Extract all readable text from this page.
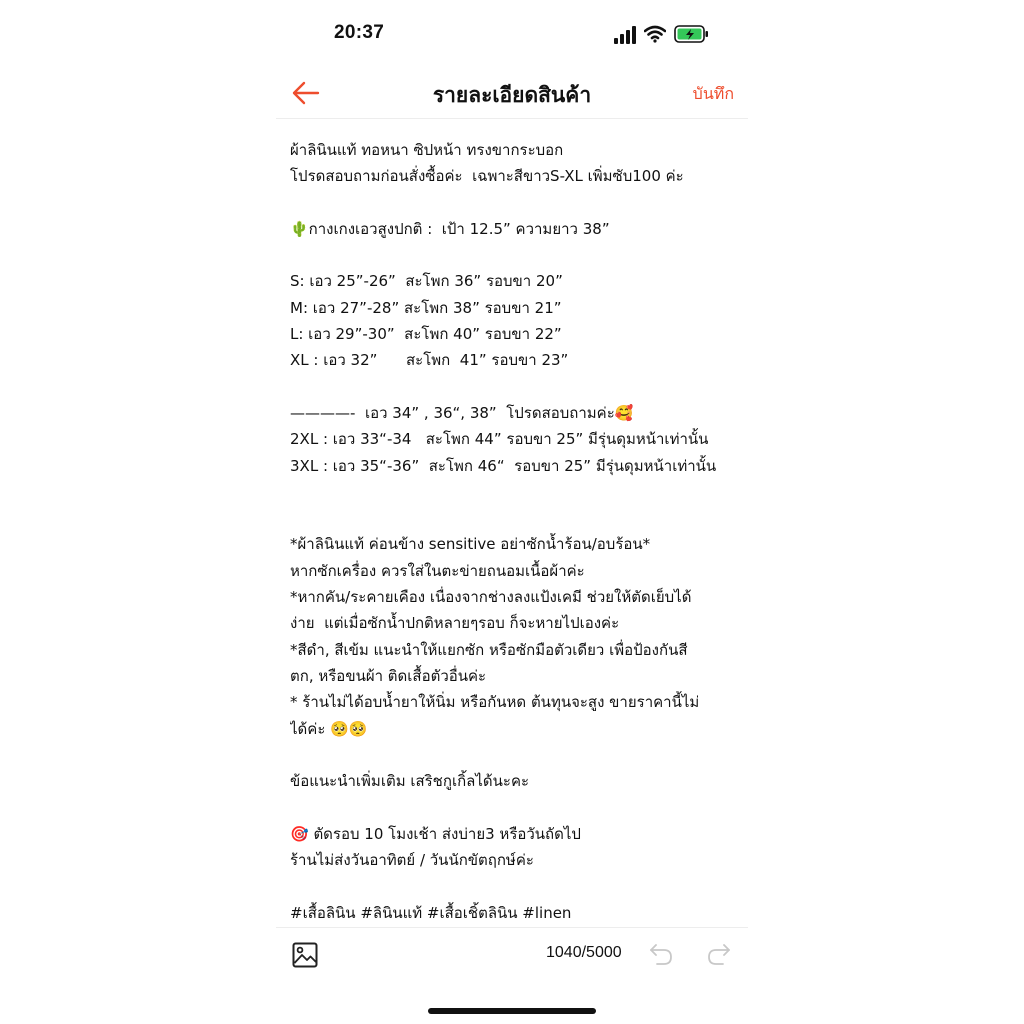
20:37
รายละเอียดสินค้า	บันทึก
ผ้าลินินแท้ ทอหนา ซิปหน้า ทรงขากระบอก
โปรดสอบถามก่อนสั่งซื้อค่ะ  เฉพาะสีขาวS-XL เพิ่มซับ100 ค่ะ
🌵กางเกงเอวสูงปกติ :  เป้า 12.5” ความยาว 38”
S: เอว 25”-26”  สะโพก 36” รอบขา 20”
M: เอว 27”-28” สะโพก 38” รอบขา 21”
L: เอว 29”-30”  สะโพก 40” รอบขา 22”
XL : เอว 32”      สะโพก  41” รอบขา 23”
————-  เอว 34” , 36“, 38”  โปรดสอบถามค่ะ🥰
2XL : เอว 33“-34   สะโพก 44” รอบขา 25” มีรุ่นดุมหน้าเท่านั้น
3XL : เอว 35“-36”  สะโพก 46“  รอบขา 25” มีรุ่นดุมหน้าเท่านั้น
*ผ้าลินินแท้ ค่อนข้าง sensitive อย่าซักน้ำร้อน/อบร้อน*
หากซักเครื่อง ควรใส่ในตะข่ายถนอมเนื้อผ้าค่ะ
*หากคัน/ระคายเคือง เนื่องจากช่างลงแป้งเคมี ช่วยให้ตัดเย็บได้
ง่าย  แต่เมื่อซักน้ำปกติหลายๆรอบ ก็จะหายไปเองค่ะ
*สีดำ, สีเข้ม แนะนำให้แยกซัก หรือซักมือตัวเดียว เพื่อป้องกันสี
ตก, หรือขนผ้า ติดเสื้อตัวอื่นค่ะ
* ร้านไม่ได้อบน้ำยาให้นิ่ม หรือกันหด ต้นทุนจะสูง ขายราคานี้ไม่
ได้ค่ะ 🥺🥺
ข้อแนะนำเพิ่มเติม เสริชกูเกิ้ลได้นะคะ
🎯 ตัดรอบ 10 โมงเช้า ส่งบ่าย3 หรือวันถัดไป
ร้านไม่ส่งวันอาทิตย์ / วันนักขัตฤกษ์ค่ะ
#เสื้อลินิน #ลินินแท้ #เสื้อเชิ้ตลินิน #linen
1040/5000
